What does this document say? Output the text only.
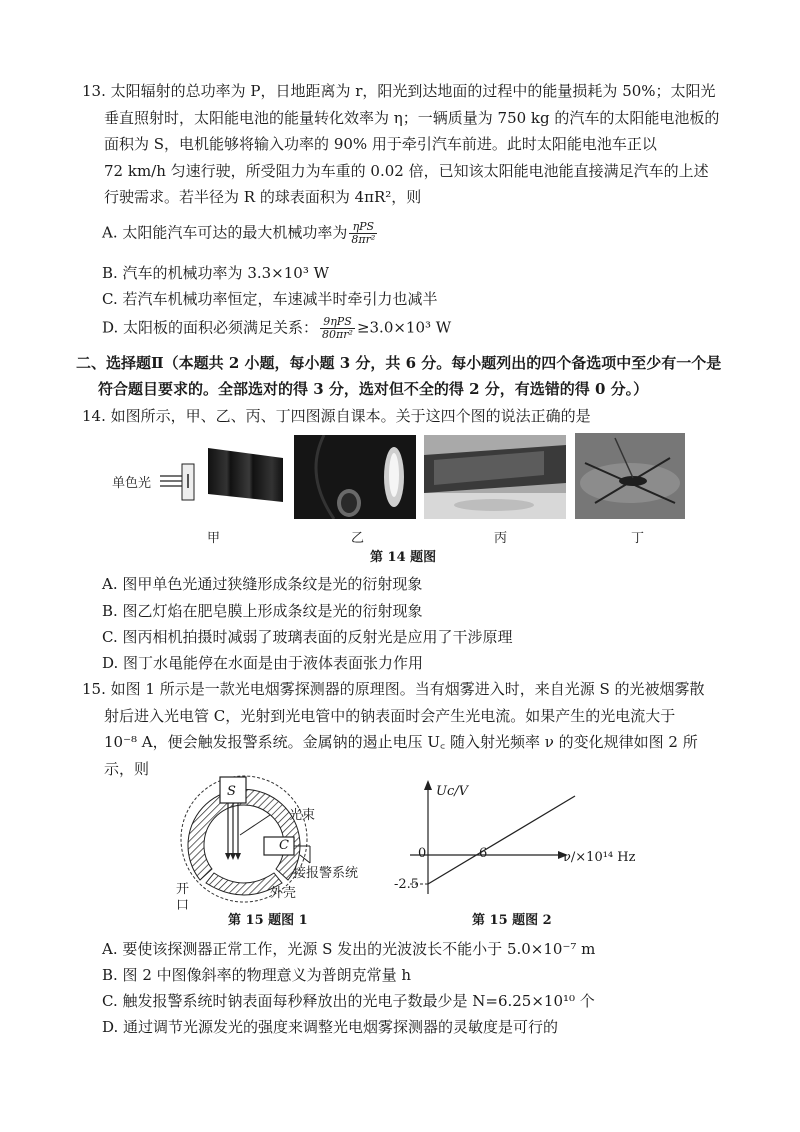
13. 太阳辐射的总功率为 P，日地距离为 r，阳光到达地面的过程中的能量损耗为 50%；太阳光
垂直照射时，太阳能电池的能量转化效率为 η；一辆质量为 750 kg 的汽车的太阳能电池板的
面积为 S，电机能够将输入功率的 90% 用于牵引汽车前进。此时太阳能电池车正以
72 km/h 匀速行驶，所受阻力为车重的 0.02 倍，已知该太阳能电池能直接满足汽车的上述
行驶需求。若半径为 R 的球表面积为 4πR²，则
A. 太阳能汽车可达的最大机械功率为 $\frac{\text{ηPS}}{\text{8πr²}}$
B. 汽车的机械功率为 3.3×10³ W
C. 若汽车机械功率恒定，车速减半时牵引力也减半
D. 太阳板的面积必须满足关系： $\frac{\text{9ηPS}}{\text{80πr²}} \ge 3.0\times 10^3$ W
二、选择题Ⅱ（本题共 2 小题，每小题 3 分，共 6 分。每小题列出的四个备选项中至少有一个是
符合题目要求的。全部选对的得 3 分，选对但不全的得 2 分，有选错的得 0 分。）
14. 如图所示，甲、乙、丙、丁四图源自课本。关于这四个图的说法正确的是
单色光
甲	乙	丙	丁
第 14 题图
A. 图甲单色光通过狭缝形成条纹是光的衍射现象
B. 图乙灯焰在肥皂膜上形成条纹是光的衍射现象
C. 图丙相机拍摄时减弱了玻璃表面的反射光是应用了干涉原理
D. 图丁水黾能停在水面是由于液体表面张力作用
15. 如图 1 所示是一款光电烟雾探测器的原理图。当有烟雾进入时，来自光源 S 的光被烟雾散
射后进入光电管 C，光射到光电管中的钠表面时会产生光电流。如果产生的光电流大于
10⁻⁸ A，便会触发报警系统。金属钠的遏止电压 U꜀ 随入射光频率 ν 的变化规律如图 2 所
示，则
S
C
光束
接报警系统
开
口
外壳
第 15 题图 1
Uc/V
0	6
-2.5
ν/×10¹⁴ Hz
第 15 题图 2
A. 要使该探测器正常工作，光源 S 发出的光波波长不能小于 5.0×10⁻⁷ m
B. 图 2 中图像斜率的物理意义为普朗克常量 h
C. 触发报警系统时钠表面每秒释放出的光电子数最少是 N=6.25×10¹⁰ 个
D. 通过调节光源发光的强度来调整光电烟雾探测器的灵敏度是可行的
